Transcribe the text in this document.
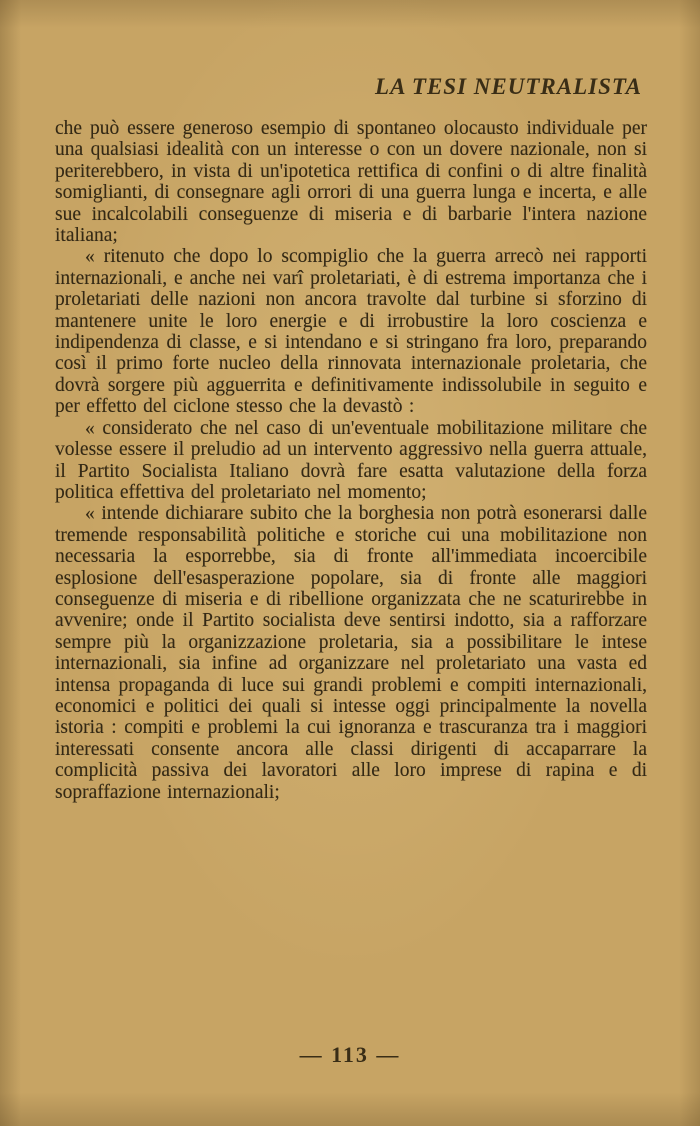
LA TESI NEUTRALISTA

che può essere generoso esempio di spontaneo olocausto individuale per una qualsiasi idealità con un interesse o con un dovere nazionale, non si periterebbero, in vista di un'ipotetica rettifica di confini o di altre finalità somiglianti, di consegnare agli orrori di una guerra lunga e incerta, e alle sue incalcolabili conseguenze di miseria e di barbarie l'intera nazione italiana;

« ritenuto che dopo lo scompiglio che la guerra arrecò nei rapporti internazionali, e anche nei varî proletariati, è di estrema importanza che i proletariati delle nazioni non ancora travolte dal turbine si sforzino di mantenere unite le loro energie e di irrobustire la loro coscienza e indipendenza di classe, e si intendano e si stringano fra loro, preparando così il primo forte nucleo della rinnovata internazionale proletaria, che dovrà sorgere più agguerrita e definitivamente indissolubile in seguito e per effetto del ciclone stesso che la devastò :

« considerato che nel caso di un'eventuale mobilitazione militare che volesse essere il preludio ad un intervento aggressivo nella guerra attuale, il Partito Socialista Italiano dovrà fare esatta valutazione della forza politica effettiva del proletariato nel momento;

« intende dichiarare subito che la borghesia non potrà esonerarsi dalle tremende responsabilità politiche e storiche cui una mobilitazione non necessaria la esporrebbe, sia di fronte all'immediata incoercibile esplosione dell'esasperazione popolare, sia di fronte alle maggiori conseguenze di miseria e di ribellione organizzata che ne scaturirebbe in avvenire; onde il Partito socialista deve sentirsi indotto, sia a rafforzare sempre più la organizzazione proletaria, sia a possibilitare le intese internazionali, sia infine ad organizzare nel proletariato una vasta ed intensa propaganda di luce sui grandi problemi e compiti internazionali, economici e politici dei quali si intesse oggi principalmente la novella istoria : compiti e problemi la cui ignoranza e trascuranza tra i maggiori interessati consente ancora alle classi dirigenti di accaparrare la complicità passiva dei lavoratori alle loro imprese di rapina e di sopraffazione internazionali;

— 113 —
